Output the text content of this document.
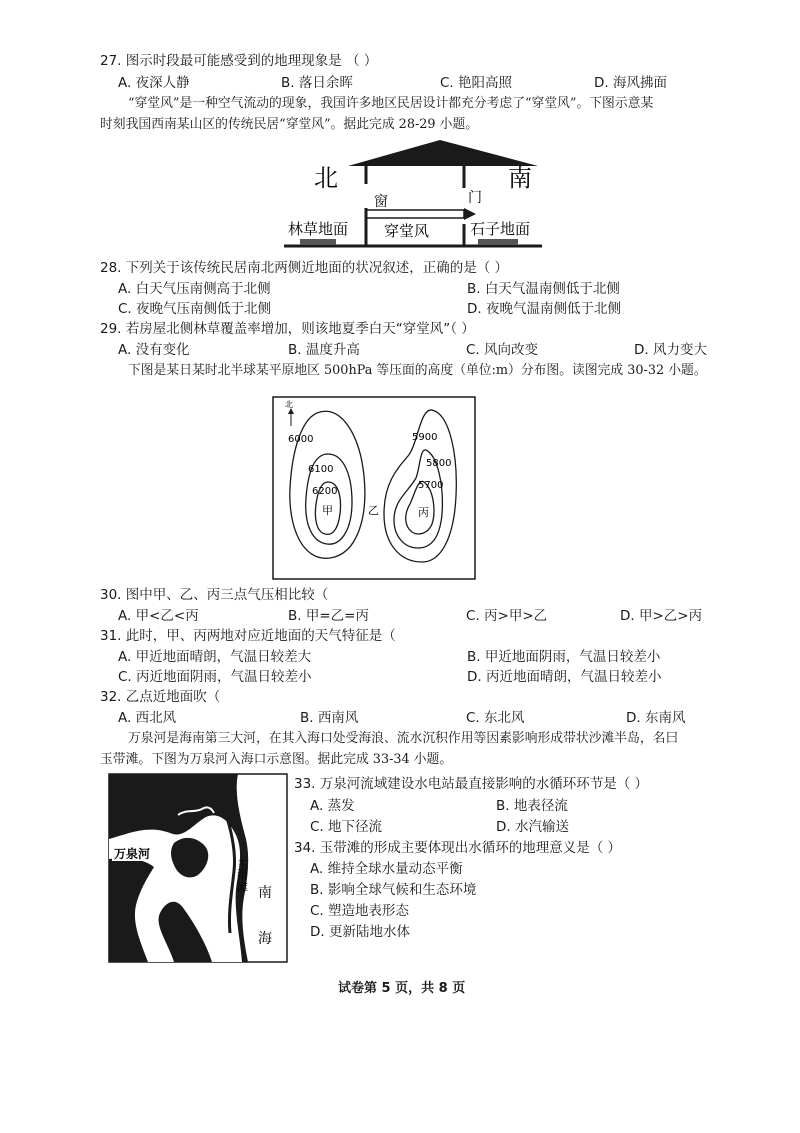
27. 图示时段最可能感受到的地理现象是 （ ）
A. 夜深人静	B. 落日余晖	C. 艳阳高照	D. 海风拂面
“穿堂风”是一种空气流动的现象，我国许多地区民居设计都充分考虑了“穿堂风”。下图示意某
时刻我国西南某山区的传统民居“穿堂风”。据此完成 28-29 小题。
北	南
窗	门
林草地面 穿堂风	石子地面
28. 下列关于该传统民居南北两侧近地面的状况叙述，正确的是（ ）
A. 白天气压南侧高于北侧	B. 白天气温南侧低于北侧
C. 夜晚气压南侧低于北侧	D. 夜晚气温南侧低于北侧
29. 若房屋北侧林草覆盖率增加，则该地夏季白天“穿堂风”（ ）
A. 没有变化	B. 温度升高	C. 风向改变	D. 风力变大
下图是某日某时北半球某平原地区 500hPa 等压面的高度（单位:m）分布图。读图完成 30-32 小题。
北
6000
6100
6200
5900
5800
5700
甲	乙	丙
30. 图中甲、乙、丙三点气压相比较（
A. 甲<乙<丙	B. 甲=乙=丙	C. 丙>甲>乙	D. 甲>乙>丙
31. 此时，甲、丙两地对应近地面的天气特征是（
A. 甲近地面晴朗，气温日较差大	B. 甲近地面阴雨，气温日较差小
C. 丙近地面阴雨，气温日较差小	D. 丙近地面晴朗，气温日较差小
32. 乙点近地面吹（
A. 西北风	B. 西南风	C. 东北风	D. 东南风
万泉河是海南第三大河，在其入海口处受海浪、流水沉积作用等因素影响形成带状沙滩半岛，名曰
玉带滩。下图为万泉河入海口示意图。据此完成 33-34 小题。
万泉河
玉带滩
南
海
33. 万泉河流域建设水电站最直接影响的水循环环节是（ ）
A. 蒸发	B. 地表径流
C. 地下径流	D. 水汽输送
34. 玉带滩的形成主要体现出水循环的地理意义是（ ）
A. 维持全球水量动态平衡
B. 影响全球气候和生态环境
C. 塑造地表形态
D. 更新陆地水体
试卷第 5 页，共 8 页
